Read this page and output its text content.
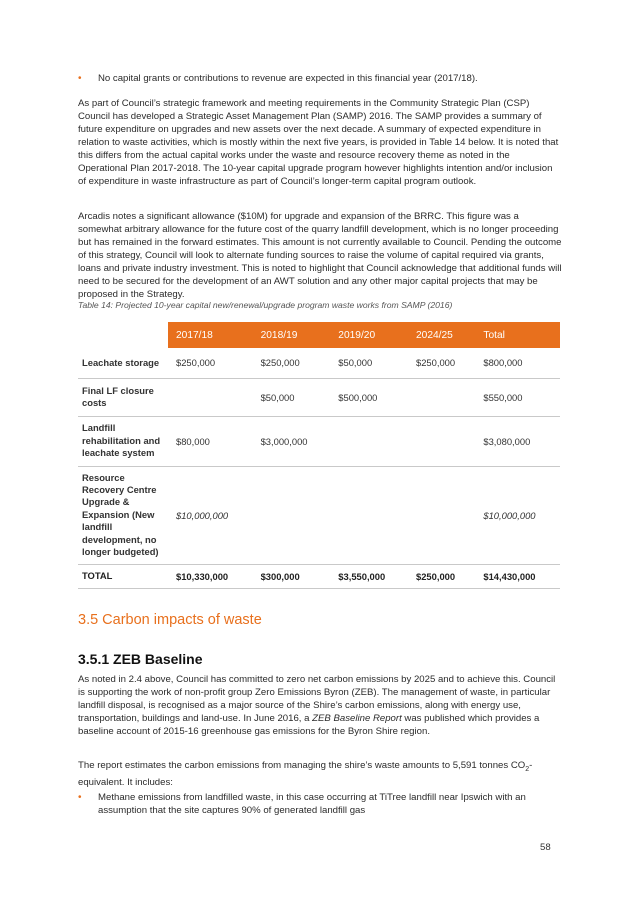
• No capital grants or contributions to revenue are expected in this financial year (2017/18).
As part of Council’s strategic framework and meeting requirements in the Community Strategic Plan (CSP) Council has developed a Strategic Asset Management Plan (SAMP) 2016. The SAMP provides a summary of future expenditure on upgrades and new assets over the next decade. A summary of expected expenditure in relation to waste activities, which is mostly within the next five years, is provided in Table 14 below. It is noted that this differs from the actual capital works under the waste and resource recovery theme as noted in the Operational Plan 2017-2018. The 10-year capital upgrade program however highlights intention and/or inclusion of expenditure in waste infrastructure as part of Council’s longer-term capital program outlook.
Arcadis notes a significant allowance ($10M) for upgrade and expansion of the BRRC. This figure was a somewhat arbitrary allowance for the future cost of the quarry landfill development, which is no longer proceeding but has remained in the forward estimates. This amount is not currently available to Council. Pending the outcome of this strategy, Council will look to alternate funding sources to raise the volume of capital required via grants, loans and private industry investment. This is noted to highlight that Council acknowledge that additional funds will need to be secured for the development of an AWT solution and any other major capital projects that may be proposed in the Strategy.
Table 14: Projected 10-year capital new/renewal/upgrade program waste works from SAMP (2016)
	2017/18	2018/19	2019/20	2024/25	Total
Leachate storage	$250,000	$250,000	$50,000	$250,000	$800,000
Final LF closure costs		$50,000	$500,000		$550,000
Landfill rehabilitation and leachate system	$80,000	$3,000,000			$3,080,000
Resource Recovery Centre Upgrade & Expansion (New landfill development, no longer budgeted)	$10,000,000				$10,000,000
TOTAL	$10,330,000	$300,000	$3,550,000	$250,000	$14,430,000
3.5 Carbon impacts of waste
3.5.1 ZEB Baseline
As noted in 2.4 above, Council has committed to zero net carbon emissions by 2025 and to achieve this. Council is supporting the work of non-profit group Zero Emissions Byron (ZEB). The management of waste, in particular landfill disposal, is recognised as a major source of the Shire’s carbon emissions, along with energy use, transportation, buildings and land-use. In June 2016, a ZEB Baseline Report was published which provides a baseline account of 2015-16 greenhouse gas emissions for the Byron Shire region.
The report estimates the carbon emissions from managing the shire’s waste amounts to 5,591 tonnes $CO_2$-equivalent. It includes:
• Methane emissions from landfilled waste, in this case occurring at TiTree landfill near Ipswich with an assumption that the site captures 90% of generated landfill gas
58
